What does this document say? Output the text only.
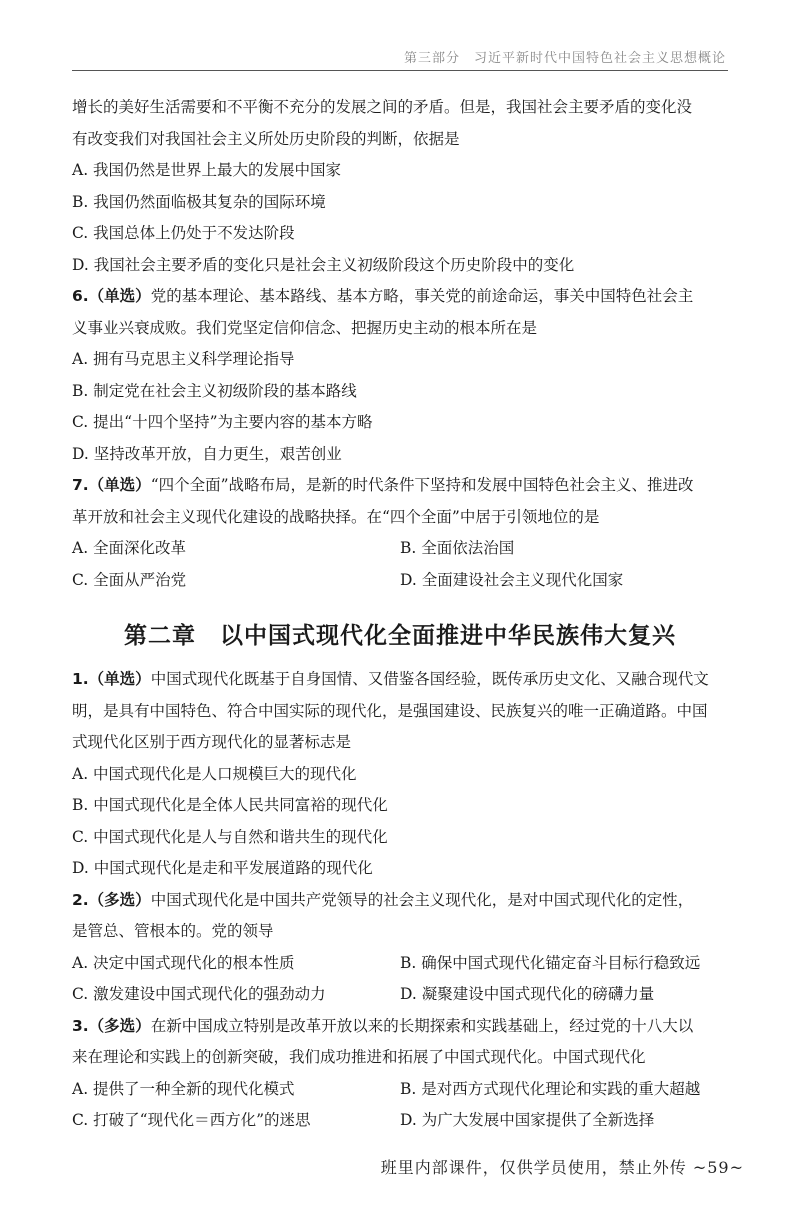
第三部分　习近平新时代中国特色社会主义思想概论

增长的美好生活需要和不平衡不充分的发展之间的矛盾。但是，我国社会主要矛盾的变化没

有改变我们对我国社会主义所处历史阶段的判断，依据是

A. 我国仍然是世界上最大的发展中国家

B. 我国仍然面临极其复杂的国际环境

C. 我国总体上仍处于不发达阶段

D. 我国社会主要矛盾的变化只是社会主义初级阶段这个历史阶段中的变化

6.（单选）党的基本理论、基本路线、基本方略，事关党的前途命运，事关中国特色社会主

义事业兴衰成败。我们党坚定信仰信念、把握历史主动的根本所在是

A. 拥有马克思主义科学理论指导

B. 制定党在社会主义初级阶段的基本路线

C. 提出“十四个坚持”为主要内容的基本方略

D. 坚持改革开放，自力更生，艰苦创业

7.（单选）“四个全面”战略布局，是新的时代条件下坚持和发展中国特色社会主义、推进改

革开放和社会主义现代化建设的战略抉择。在“四个全面”中居于引领地位的是

A. 全面深化改革	B. 全面依法治国
C. 全面从严治党	D. 全面建设社会主义现代化国家
第二章　以中国式现代化全面推进中华民族伟大复兴

1.（单选）中国式现代化既基于自身国情、又借鉴各国经验，既传承历史文化、又融合现代文

明，是具有中国特色、符合中国实际的现代化，是强国建设、民族复兴的唯一正确道路。中国

式现代化区别于西方现代化的显著标志是

A. 中国式现代化是人口规模巨大的现代化

B. 中国式现代化是全体人民共同富裕的现代化

C. 中国式现代化是人与自然和谐共生的现代化

D. 中国式现代化是走和平发展道路的现代化

2.（多选）中国式现代化是中国共产党领导的社会主义现代化，是对中国式现代化的定性，

是管总、管根本的。党的领导

A. 决定中国式现代化的根本性质	B. 确保中国式现代化锚定奋斗目标行稳致远
C. 激发建设中国式现代化的强劲动力	D. 凝聚建设中国式现代化的磅礴力量

3.（多选）在新中国成立特别是改革开放以来的长期探索和实践基础上，经过党的十八大以

来在理论和实践上的创新突破，我们成功推进和拓展了中国式现代化。中国式现代化

A. 提供了一种全新的现代化模式	B. 是对西方式现代化理论和实践的重大超越
C. 打破了“现代化＝西方化”的迷思	D. 为广大发展中国家提供了全新选择
班里内部课件，仅供学员使用，禁止外传 ~59~
